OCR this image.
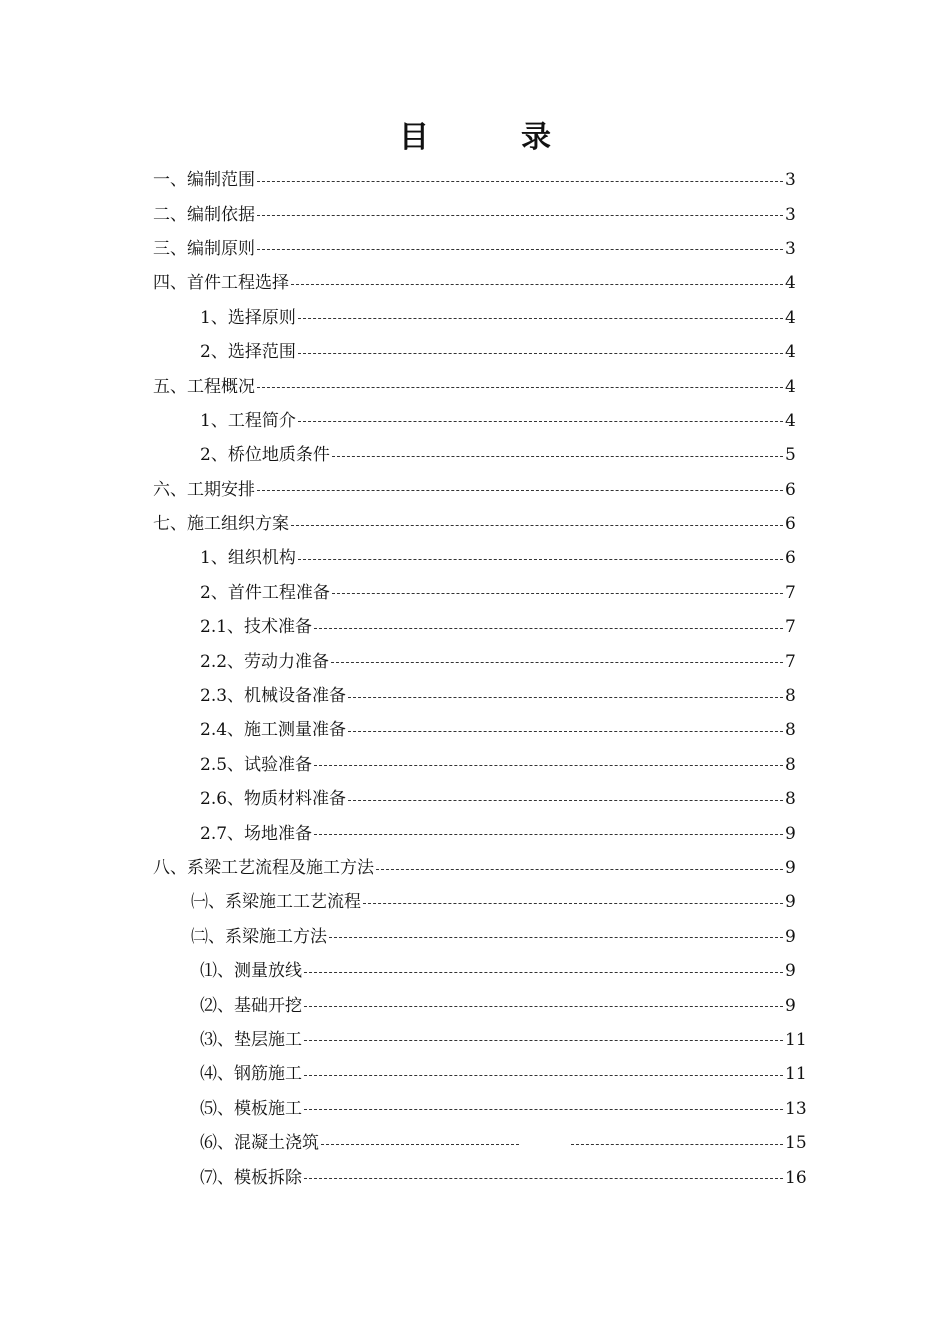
目	录
一、编制范围	3
二、编制依据	3
三、编制原则	3
四、首件工程选择	4
1、选择原则	4
2、选择范围	4
五、工程概况	4
1、工程简介	4
2、桥位地质条件	5
六、工期安排	6
七、施工组织方案	6
1、组织机构	6
2、首件工程准备	7
2.1、技术准备	7
2.2、劳动力准备	7
2.3、机械设备准备	8
2.4、施工测量准备	8
2.5、试验准备	8
2.6、物质材料准备	8
2.7、场地准备	9
八、系梁工艺流程及施工方法	9
㈠、系梁施工工艺流程	9
㈡、系梁施工方法	9
⑴、测量放线	9
⑵、基础开挖	9
⑶、垫层施工	11
⑷、钢筋施工	11
⑸、模板施工	13
⑹、混凝土浇筑	15
⑺、模板拆除	16
